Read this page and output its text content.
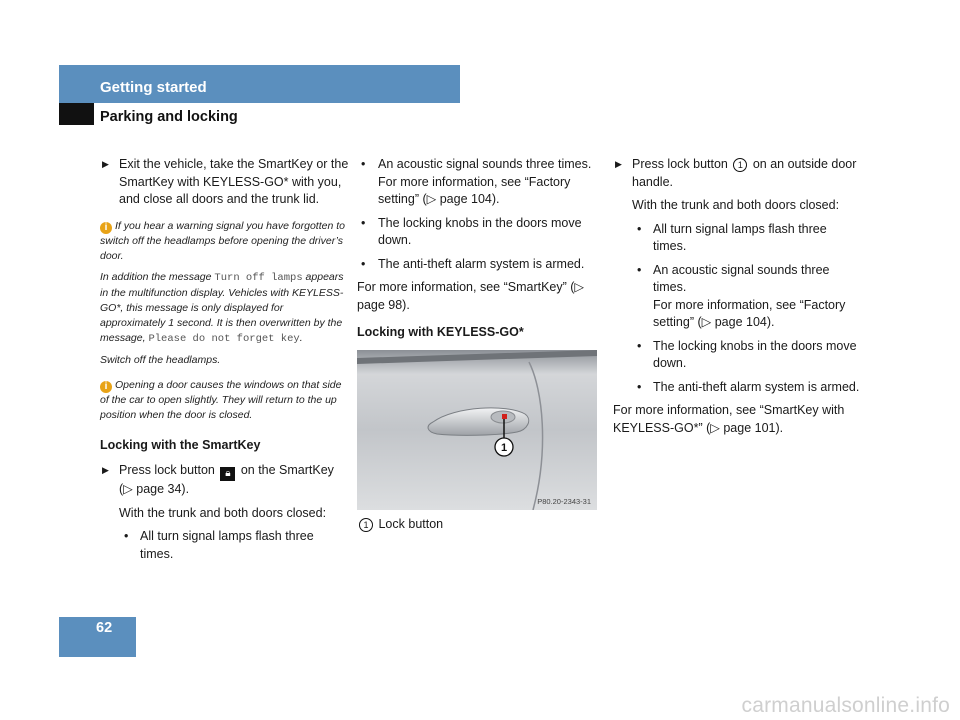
Getting started
Parking and locking
▶ Exit the vehicle, take the SmartKey or the SmartKey with KEYLESS-GO* with you, and close all doors and the trunk lid.

i If you hear a warning signal you have forgotten to switch off the headlamps before opening the driver’s door.

In addition the message Turn off lamps appears in the multifunction display. Vehicles with KEYLESS-GO*, this message is only displayed for approximately 1 second. It is then overwritten by the message, Please do not forget key.

Switch off the headlamps.

i Opening a door causes the windows on that side of the car to open slightly. They will return to the up position when the door is closed.

Locking with the SmartKey

▶ Press lock button 🔒︎ on the SmartKey (▷ page 34).

With the trunk and both doors closed:

• All turn signal lamps flash three times.

• An acoustic signal sounds three times.

For more information, see “Factory setting” (▷ page 104).

• The locking knobs in the doors move down.

• The anti-theft alarm system is armed.

For more information, see “SmartKey” (▷ page 98).

Locking with KEYLESS-GO*

1
P80.20-2343-31

1 Lock button

▶ Press lock button 1 on an outside door handle.

With the trunk and both doors closed:

• All turn signal lamps flash three times.

• An acoustic signal sounds three times.

For more information, see “Factory setting” (▷ page 104).

• The locking knobs in the doors move down.

• The anti-theft alarm system is armed.

For more information, see “SmartKey with KEYLESS-GO*” (▷ page 101).

62
carmanualsonline.info
